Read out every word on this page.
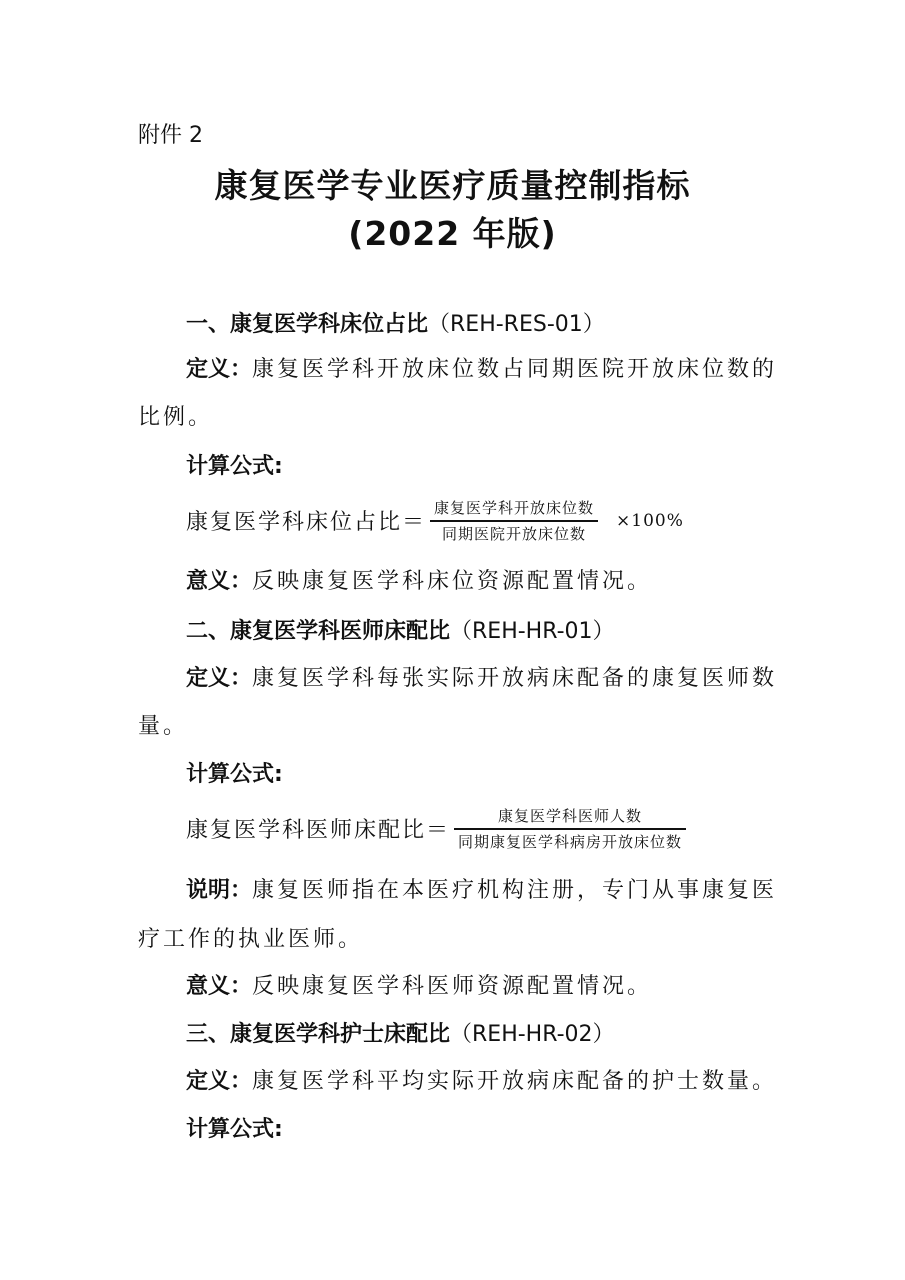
附件 2
康复医学专业医疗质量控制指标
(2022 年版)
一、康复医学科床位占比（REH-RES-01）
定义：康复医学科开放床位数占同期医院开放床位数的
比例。
计算公式:
康复医学科床位占比＝ $\frac{\text{康复医学科开放床位数}}{\text{同期医院开放床位数}} \times 100\%$
意义：反映康复医学科床位资源配置情况。
二、康复医学科医师床配比（REH-HR-01）
定义：康复医学科每张实际开放病床配备的康复医师数
量。
计算公式:
康复医学科医师床配比＝ $\frac{\text{康复医学科医师人数}}{\text{同期康复医学科病房开放床位数}}$
说明：康复医师指在本医疗机构注册，专门从事康复医
疗工作的执业医师。
意义：反映康复医学科医师资源配置情况。
三、康复医学科护士床配比（REH-HR-02）
定义：康复医学科平均实际开放病床配备的护士数量。
计算公式:
